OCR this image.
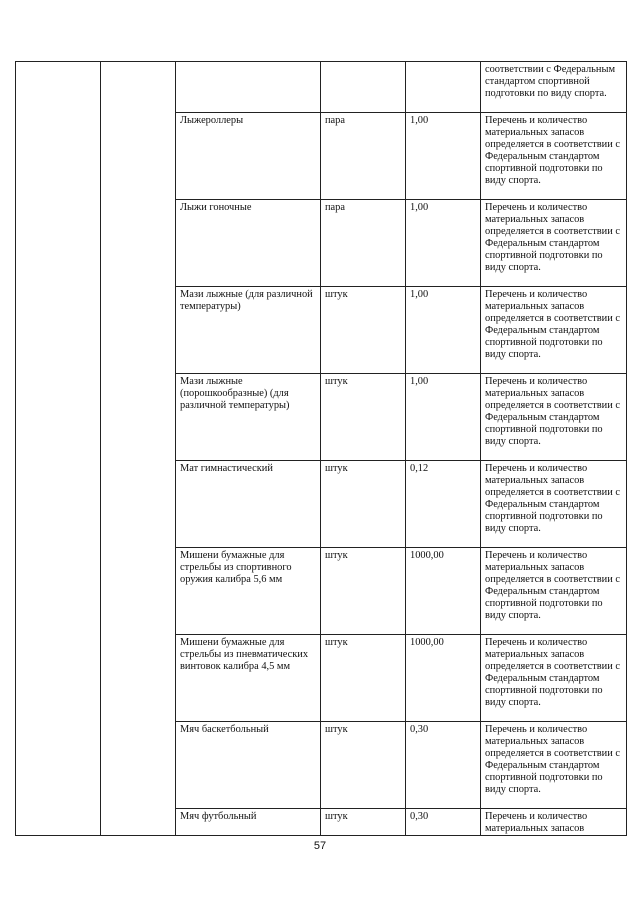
					соответствии с Федеральным стандартом спортивной подготовки по виду спорта.
		Лыжероллеры	пара	1,00	Перечень и количество материальных запасов определяется в соответствии с Федеральным стандартом спортивной подготовки по виду спорта.
		Лыжи гоночные	пара	1,00	Перечень и количество материальных запасов определяется в соответствии с Федеральным стандартом спортивной подготовки по виду спорта.
		Мази лыжные (для различной температуры)	штук	1,00	Перечень и количество материальных запасов определяется в соответствии с Федеральным стандартом спортивной подготовки по виду спорта.
		Мази лыжные (порошкообразные) (для различной температуры)	штук	1,00	Перечень и количество материальных запасов определяется в соответствии с Федеральным стандартом спортивной подготовки по виду спорта.
		Мат гимнастический	штук	0,12	Перечень и количество материальных запасов определяется в соответствии с Федеральным стандартом спортивной подготовки по виду спорта.
		Мишени бумажные для стрельбы из спортивного оружия калибра 5,6 мм	штук	1000,00	Перечень и количество материальных запасов определяется в соответствии с Федеральным стандартом спортивной подготовки по виду спорта.
		Мишени бумажные для стрельбы из пневматических винтовок калибра 4,5 мм	штук	1000,00	Перечень и количество материальных запасов определяется в соответствии с Федеральным стандартом спортивной подготовки по виду спорта.
		Мяч баскетбольный	штук	0,30	Перечень и количество материальных запасов определяется в соответствии с Федеральным стандартом спортивной подготовки по виду спорта.
		Мяч футбольный	штук	0,30	Перечень и количество материальных запасов
57
